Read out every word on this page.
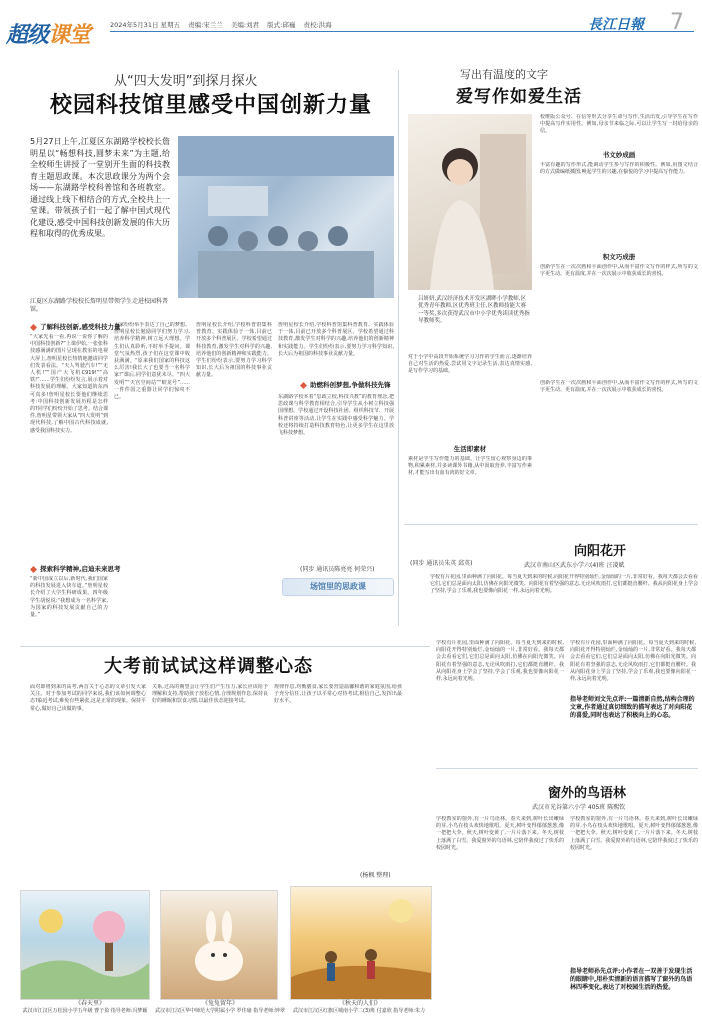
超级课堂	2024年5月31日 星期五 责编:宋兰兰 美编:刘君 版式:邱巍 责校:洪海	長江日報 7
从“四大发明”到探月探火
校园科技馆里感受中国创新力量
5月27日上午,江夏区东湖路学校校长詹明星以“畅想科技,圆梦未来”为主题,给全校师生讲授了一堂别开生面的科技教育主题思政课。本次思政课分为两个会场——东湖路学校科普馆和各班教室。通过线上线下相结合的方式,全校共上一堂课。带领孩子们一起了解中国式现代化建设,感受中国科技创新发展的伟大历程和取得的优秀成果。
江夏区东湖路学校校长詹明星带领学生走进校园科普馆。
了解科技创新,感受科技力量
“大家先看一看,再说一说你了解的中国科技创新?”上课伊始,一张张科技感满满的图片呈现在教室的电视大屏上,詹明星校长热情地邀请同学们发表看法。“天人驾驶汽车!”“无人机!”“国产大飞机C919!”“高铁!”……学生们纷纷发言,展示着对科技发展的理解。大家知道的东西可真多!詹明星校长要他们继续思考:中国科技创新发展历程是怎样的?同学们纷纷开始了思考。结合课件,詹明星带领大家从“四大发明”到现代科技,了解中国古代科技成就,感受我国科技实力。
探索科学精神,启迪未来思考
“新中国成立以后,新时代,我们国家的科技发展进入快车道。”詹明星校长介绍了大学生科研成果。四年级学生胡悦说:“我想成为一名科学家,为国家的科技发展贡献自己的力量。”
大家纷纷举手表达了自己的梦想。詹明星校长勉励同学们努力学习,培养科学精神,树立远大理想。学生们认真聆听,不时举手提问。课堂气氛热烈,孩子们在这堂课中收获满满。“原来我们国家的科技这么厉害!我长大了也要当一名科学家!”课后,同学们意犹未尽。“四大发明”“天宫空间站”“蛟龙号”……一件件国之重器让同学们惊叹不已。
詹明星校长介绍,学校科普馆集科普教育、实践体验于一体,目前已开放多个科普展区。学校希望通过科技教育,激发学生对科学的兴趣,培养他们的创新精神和实践能力。学生们纷纷表示,要努力学习科学知识,长大后为祖国的科技事业贡献力量。
助燃科创梦想,争做科技先锋
詹明星校长介绍,学校科普馆集科普教育、实践体验于一体,目前已开放多个科普展区。学校希望通过科技教育,激发学生对科学的兴趣,培养他们的创新精神和实践能力。学生们纷纷表示,要努力学习科学知识,长大后为祖国的科技事业贡献力量。
东湖路学校本着“思政立校,科技兴教”的教育理念,把思政课与科学教育相结合,引导学生从小树立科技强国理想。学校通过开设科技社团、组织科技节、开展科普讲座等活动,让学生在实践中感受科学魅力。学校还将持续打造科技教育特色,让更多学生在这里放飞科技梦想。
(同步 通讯员陈亮亮 何荣兴)
场馆里的思政课
写出有温度的文字
爱写作如爱生活
吕妍妍,武汉经济技术开发区湖畔小学教师,区优秀青年教师,区优秀班主任,区教师技能大赛一等奖,多次获得武汉市中小学优秀读读优秀指导教师奖。
校维版公众号、在信等形式分享生命与写作,生活出发,引导学生在写作中提高写作实用性。例如,母亲节来临之际,可以让学生写一封给母亲的信。
书文妙成画
丰富有趣的写作形式,能调动学生参与写作的积极性。例如,用图文结合的方式做编纸插图,唤起学生的兴趣,在愉悦的学习中提高写作能力。
积文巧成册
创新学生在一次次画和平面创作中,从而丰富作文写作的样式,所写的文字更生动、更有温度,并在一次次展示中收获成长的喜悦。
对于小学中高段开始系统学习习作的学生而言,逐渐培养自己对生活的热爱,尝试用文字记录生活,表达真情实感,是写作学习的基础。
生活即素材
素材是学生写作能力的基础。让学生留心观察身边的事物,积累素材,并多读课外书籍,从中汲取营养,丰富写作素材,才能写出有血有肉的好文章。
(同步 通讯员朱英 邱英)
创新学生在一次次画和平面创作中,从而丰富作文写作的样式,所写的文字更生动、更有温度,并在一次次展示中收获成长的喜悦。
向阳花开
武汉市南山区武东小学六(4)班 汪凌斌
学校有片花园,里面种满了向阳花。每当夏天到来的时候,向阳花开得特别灿烂,金灿灿的一片,非常好看。我每天都会去看看它们,它们总是面向太阳,仿佛在向阳光微笑。向阳花有着坚强的意志,无论风吹雨打,它们都挺直腰杆。我从向阳花身上学会了坚持,学会了乐观,我也要像向阳花一样,永远向着光明。
大考前试试这样调整心态
面对即将到来的高考,两首关于心态的文章引发大家关注。对于参加考试的同学来说,我们该如何调整心态?临近考试,难免有些紧张,这是正常的现象。保持平常心,做好自己该做的事。
关系,过高的期望会让学生们产生压力,家长应该给予理解和支持,帮助孩子放松心情,合理规划作息,保持良好的睡眠和饮食习惯,以最佳状态迎接考试。
规律作息,均衡膳食,家长要营造温馨和谐的家庭氛围,给孩子充分信任,让孩子以平常心对待考试,相信自己,发挥出最好水平。
(杨枫 整理)
学校有片花园,里面种满了向阳花。每当夏天到来的时候,向阳花开得特别灿烂,金灿灿的一片,非常好看。我每天都会去看看它们,它们总是面向太阳,仿佛在向阳光微笑。向阳花有着坚强的意志,无论风吹雨打,它们都挺直腰杆。我从向阳花身上学会了坚持,学会了乐观,我也要像向阳花一样,永远向着光明。
学校有片花园,里面种满了向阳花。每当夏天到来的时候,向阳花开得特别灿烂,金灿灿的一片,非常好看。我每天都会去看看它们,它们总是面向太阳,仿佛在向阳光微笑。向阳花有着坚强的意志,无论风吹雨打,它们都挺直腰杆。我从向阳花身上学会了坚持,学会了乐观,我也要像向阳花一样,永远向着光明。
指导老师刘文先点评:一篇清新自然,结构合理的文章,作者通过真切细致的描写表达了对向阳花的喜爱,同时也表达了积极向上的心态。
窗外的鸟语林
武汉市光谷第六小学 405班 陈熙钦
学校教室的窗外,有一片鸟语林。春天来到,树叶长出嫩绿的芽,小鸟在枝头欢快地歌唱。夏天,树叶变得郁郁葱葱,像一把把大伞。秋天,树叶变黄了,一片片落下来。冬天,树枝上落满了白雪。我爱窗外的鸟语林,它陪伴我度过了快乐的校园时光。
学校教室的窗外,有一片鸟语林。春天来到,树叶长出嫩绿的芽,小鸟在枝头欢快地歌唱。夏天,树叶变得郁郁葱葱,像一把把大伞。秋天,树叶变黄了,一片片落下来。冬天,树枝上落满了白雪。我爱窗外的鸟语林,它陪伴我度过了快乐的校园时光。
指导老师孙先点评:小作者在一双善于发现生活的眼睛中,用朴实清新的语言描写了窗外的鸟语林四季变化,表达了对校园生活的热爱。
《春天里》
武汉市江汉区万松园小学五年级 曹子盈 指导老师:冯梦颖
《兔兔留年》
武汉市江汉区华中师范大学附属小学 罗佳瑜 指导老师:钟翠
《秋天的人们》
武汉市江汉区红旗区城南小学二(3)班 付嘉欣 指导老师:朱力
